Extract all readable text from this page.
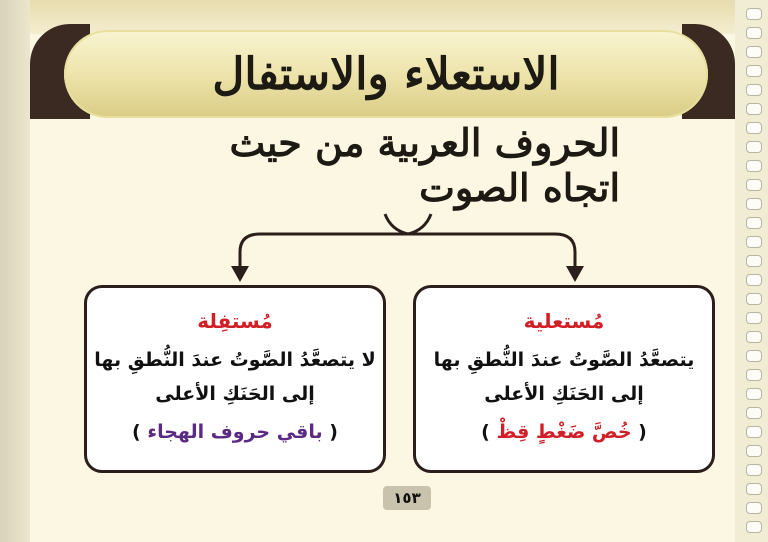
الاستعلاء والاستفال
الحروف العربية من حيث اتجاه الصوت
مُستعلية
يتصعَّدُ الصَّوتُ عندَ النُّطقِ بها
إلى الحَنَكِ الأعلى
( خُصَّ ضَغْطٍ قِظْ )
مُستفِلة
لا يتصعَّدُ الصَّوتُ عندَ النُّطقِ بها
إلى الحَنَكِ الأعلى
( باقي حروف الهجاء )
١٥٣
